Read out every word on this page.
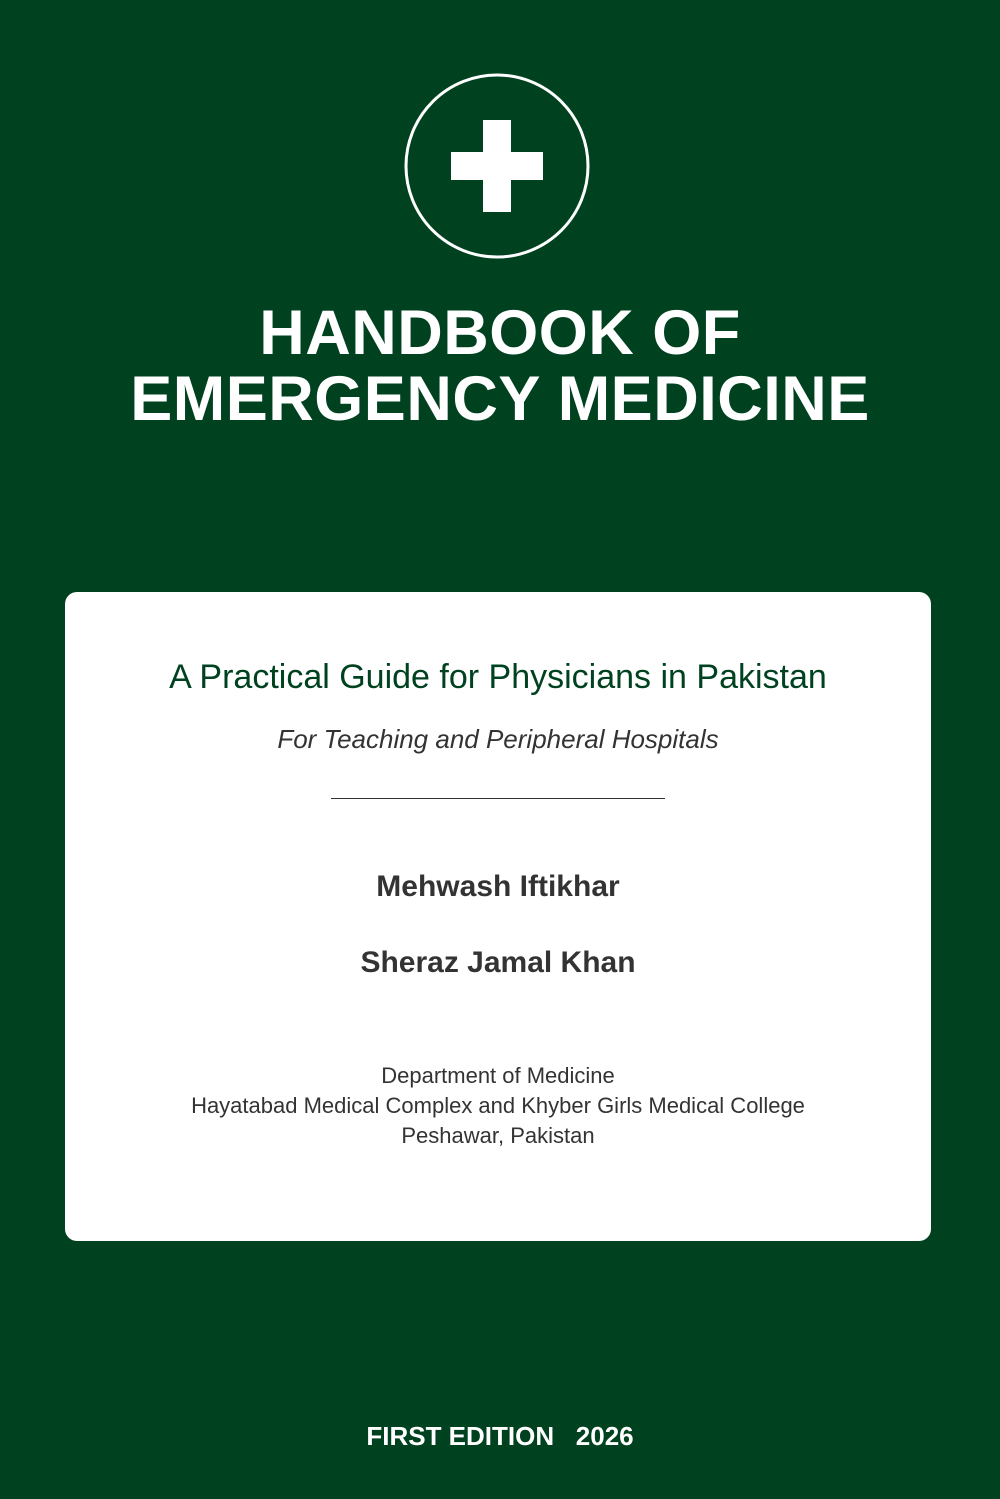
HANDBOOK OF
EMERGENCY MEDICINE
A Practical Guide for Physicians in Pakistan
For Teaching and Peripheral Hospitals
Mehwash Iftikhar
Sheraz Jamal Khan
Department of Medicine
Hayatabad Medical Complex and Khyber Girls Medical College
Peshawar, Pakistan
FIRST EDITION 2026
